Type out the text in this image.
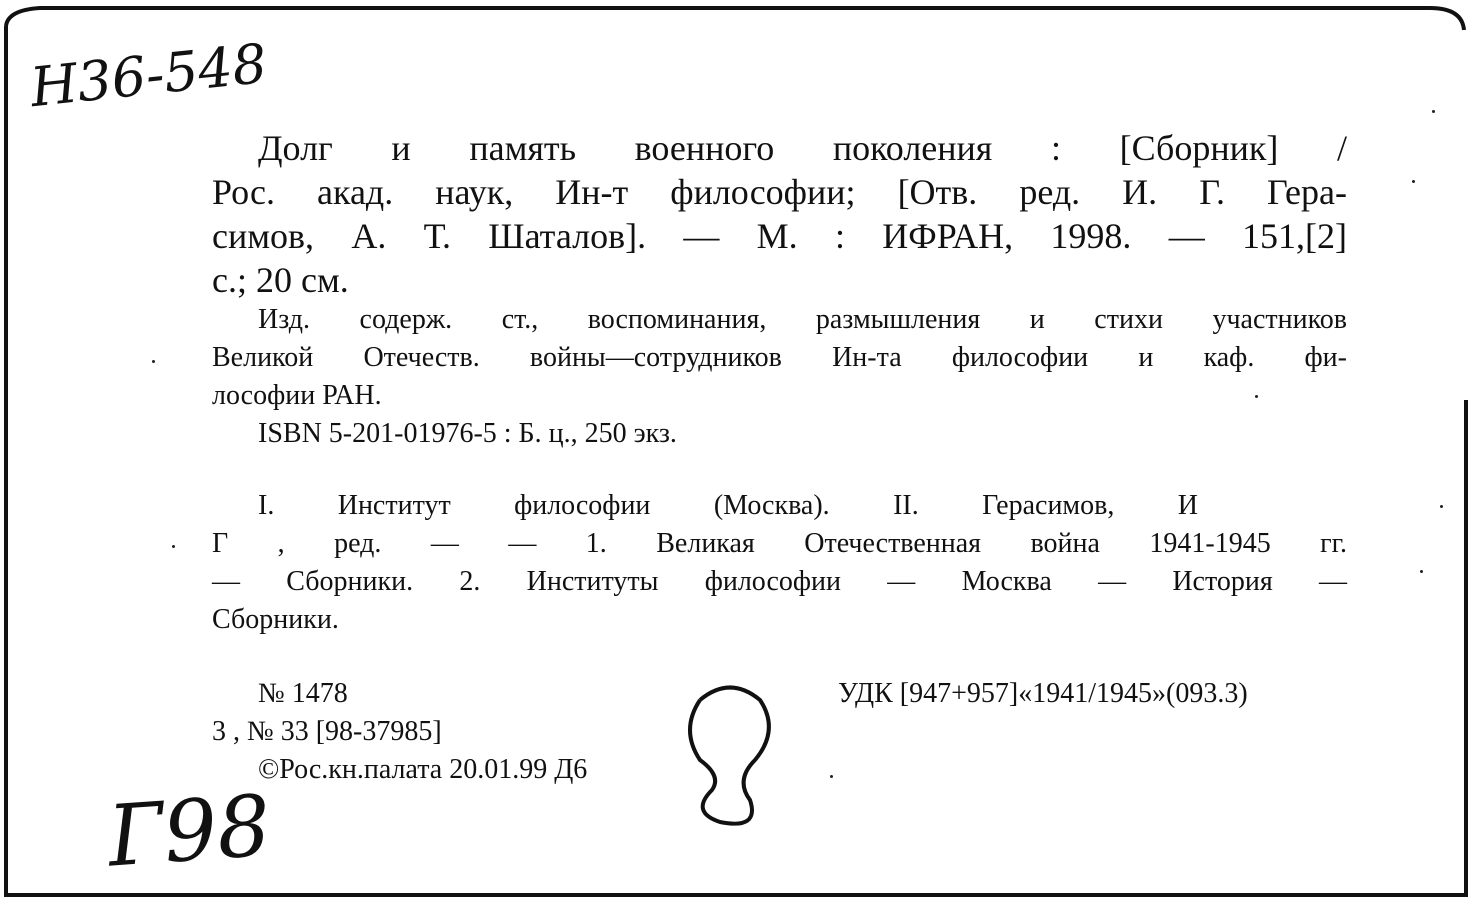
Н36-548
Г98
Долг и память военного поколения : [Сборник] /
Рос. акад. наук, Ин-т философии; [Отв. ред. И. Г. Гера-
симов, А. Т. Шаталов]. — М. : ИФРАН, 1998. — 151,[2]
с.; 20 см.
Изд. содерж. ст., воспоминания, размышления и стихи участников
Великой Отечеств. войны—сотрудников Ин-та философии и каф. фи-
лософии РАН.
ISBN 5-201-01976-5 : Б. ц., 250 экз.
I. Институт философии (Москва). II. Герасимов, И
Г , ред. — — 1. Великая Отечественная война 1941-1945 гг.
— Сборники. 2. Институты философии — Москва — История —
Сборники.
№ 1478	УДК [947+957]«1941/1945»(093.3)
3 , № 33 [98-37985]
©Рос.кн.палата 20.01.99 Д6
